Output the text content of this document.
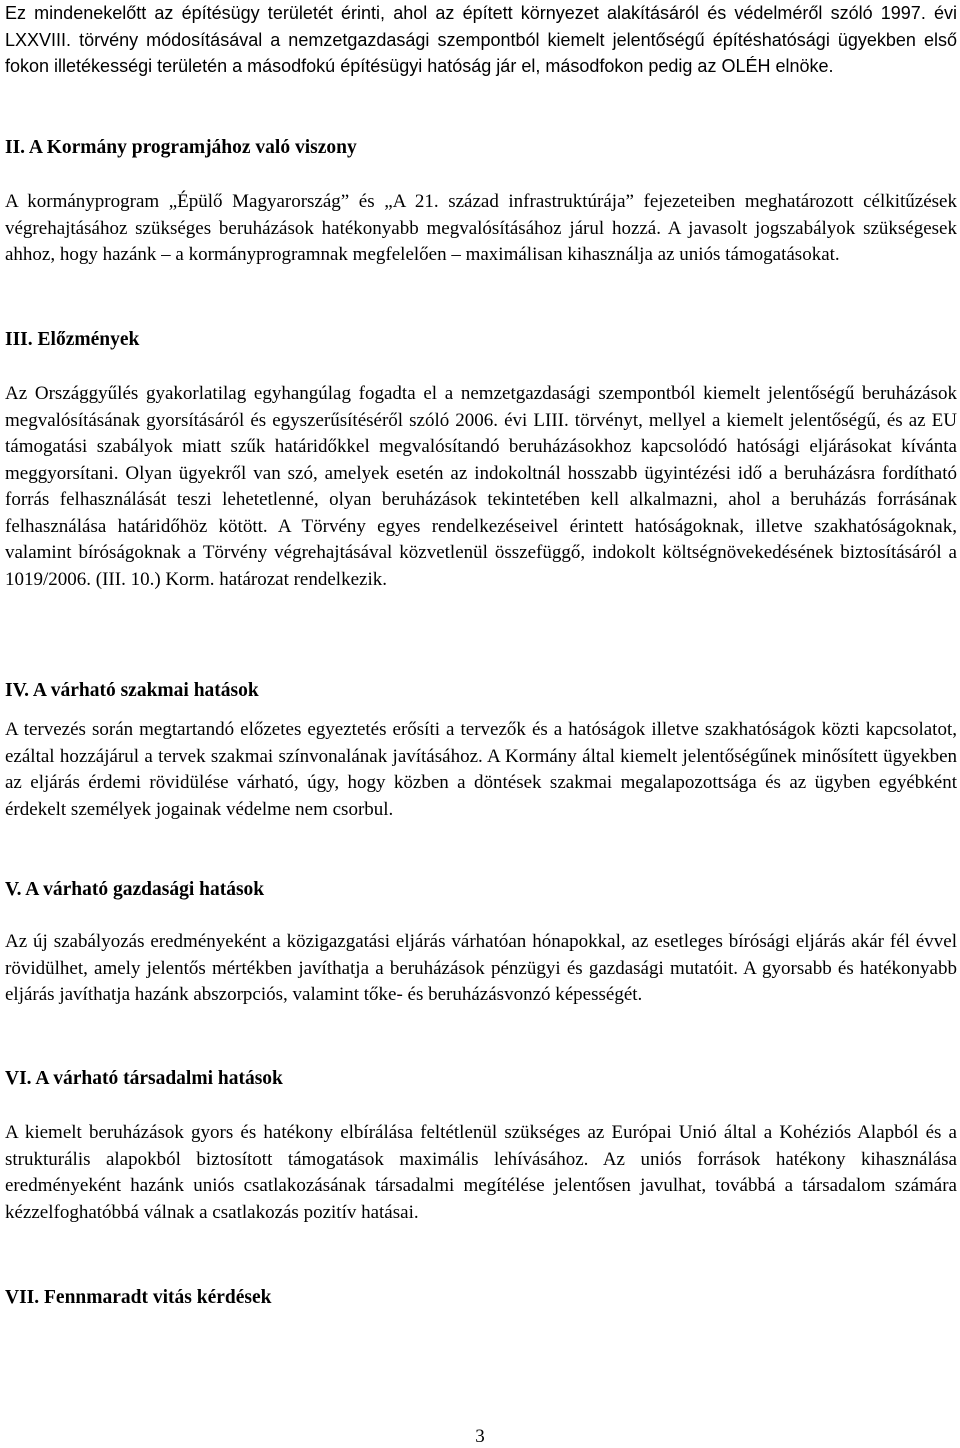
Ez mindenekelőtt az építésügy területét érinti, ahol az épített környezet alakításáról és védelméről szóló 1997. évi LXXVIII. törvény módosításával a nemzetgazdasági szempontból kiemelt jelentőségű építéshatósági ügyekben első fokon illetékességi területén a másodfokú építésügyi hatóság jár el, másodfokon pedig az OLÉH elnöke.

II. A Kormány programjához való viszony

A kormányprogram „Épülő Magyarország” és „A 21. század infrastruktúrája” fejezeteiben meghatározott célkitűzések végrehajtásához szükséges beruházások hatékonyabb megvalósításához járul hozzá. A javasolt jogszabályok szükségesek ahhoz, hogy hazánk – a kormányprogramnak megfelelően – maximálisan kihasználja az uniós támogatásokat.

III. Előzmények

Az Országgyűlés gyakorlatilag egyhangúlag fogadta el a nemzetgazdasági szempontból kiemelt jelentőségű beruházások megvalósításának gyorsításáról és egyszerűsítéséről szóló 2006. évi LIII. törvényt, mellyel a kiemelt jelentőségű, és az EU támogatási szabályok miatt szűk határidőkkel megvalósítandó beruházásokhoz kapcsolódó hatósági eljárásokat kívánta meggyorsítani. Olyan ügyekről van szó, amelyek esetén az indokoltnál hosszabb ügyintézési idő a beruházásra fordítható forrás felhasználását teszi lehetetlenné, olyan beruházások tekintetében kell alkalmazni, ahol a beruházás forrásának felhasználása határidőhöz kötött. A Törvény egyes rendelkezéseivel érintett hatóságoknak, illetve szakhatóságoknak, valamint bíróságoknak a Törvény végrehajtásával közvetlenül összefüggő, indokolt költségnövekedésének biztosításáról a 1019/2006. (III. 10.) Korm. határozat rendelkezik.

IV. A várható szakmai hatások

A tervezés során megtartandó előzetes egyeztetés erősíti a tervezők és a hatóságok illetve szakhatóságok közti kapcsolatot, ezáltal hozzájárul a tervek szakmai színvonalának javításához. A Kormány által kiemelt jelentőségűnek minősített ügyekben az eljárás érdemi rövidülése várható, úgy, hogy közben a döntések szakmai megalapozottsága és az ügyben egyébként érdekelt személyek jogainak védelme nem csorbul.

V. A várható gazdasági hatások

Az új szabályozás eredményeként a közigazgatási eljárás várhatóan hónapokkal, az esetleges bírósági eljárás akár fél évvel rövidülhet, amely jelentős mértékben javíthatja a beruházások pénzügyi és gazdasági mutatóit. A gyorsabb és hatékonyabb eljárás javíthatja hazánk abszorpciós, valamint tőke- és beruházásvonzó képességét.

VI. A várható társadalmi hatások

A kiemelt beruházások gyors és hatékony elbírálása feltétlenül szükséges az Európai Unió által a Kohéziós Alapból és a strukturális alapokból biztosított támogatások maximális lehívásához. Az uniós források hatékony kihasználása eredményeként hazánk uniós csatlakozásának társadalmi megítélése jelentősen javulhat, továbbá a társadalom számára kézzelfoghatóbbá válnak a csatlakozás pozitív hatásai.

VII. Fennmaradt vitás kérdések
3
